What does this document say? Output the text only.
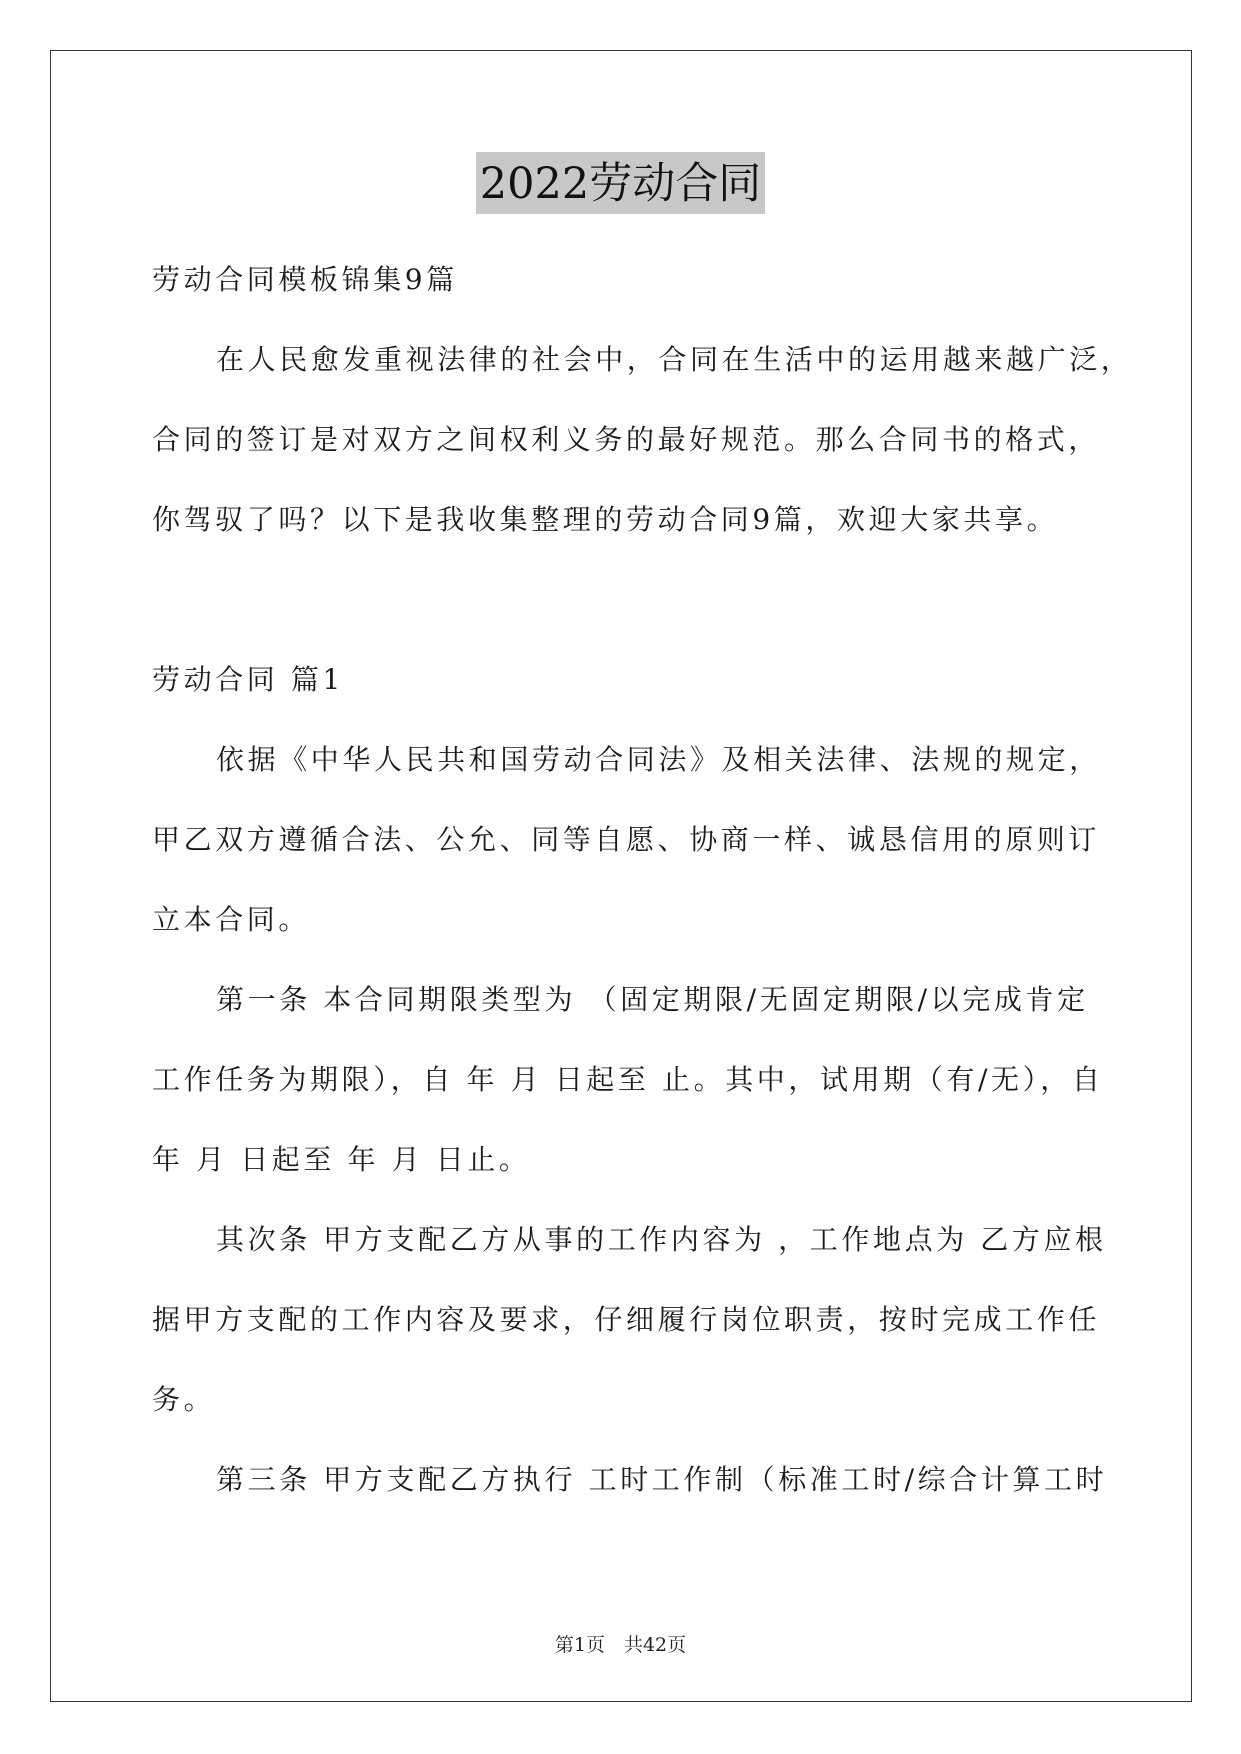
2022劳动合同
劳动合同模板锦集9篇
在人民愈发重视法律的社会中，合同在生活中的运用越来越广泛，
合同的签订是对双方之间权利义务的最好规范。那么合同书的格式，
你驾驭了吗？以下是我收集整理的劳动合同9篇，欢迎大家共享。
劳动合同 篇1
依据《中华人民共和国劳动合同法》及相关法律、法规的规定，
甲乙双方遵循合法、公允、同等自愿、协商一样、诚恳信用的原则订
立本合同。
第一条 本合同期限类型为 （固定期限/无固定期限/以完成肯定
工作任务为期限），自 年 月 日起至 止。其中，试用期（有/无），自
年 月 日起至 年 月 日止。
其次条 甲方支配乙方从事的工作内容为 ，工作地点为 乙方应根
据甲方支配的工作内容及要求，仔细履行岗位职责，按时完成工作任
务。
第三条 甲方支配乙方执行 工时工作制（标准工时/综合计算工时
第1页　共42页
